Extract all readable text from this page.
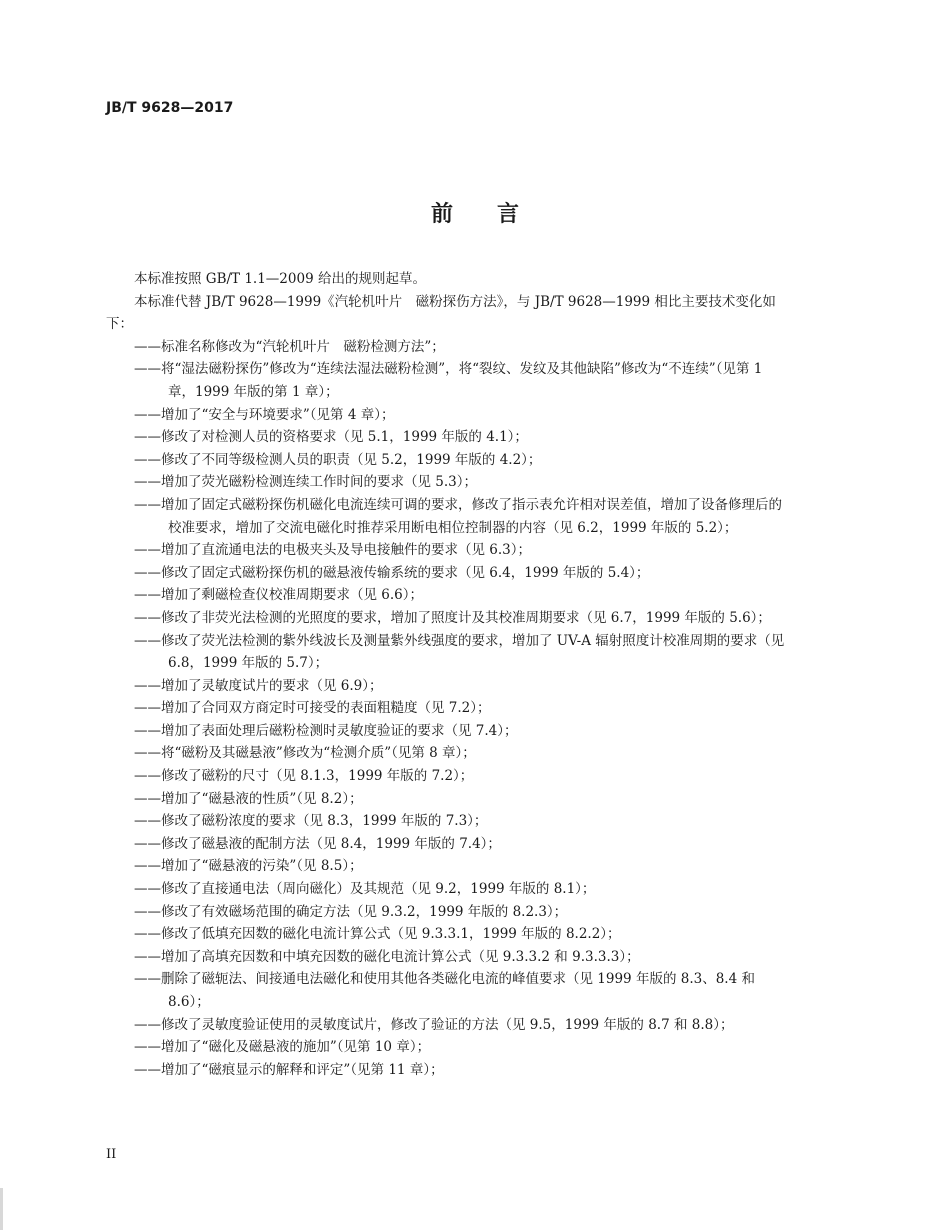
JB/T 9628—2017
前 言

本标准按照 GB/T 1.1—2009 给出的规则起草。

本标准代替 JB/T 9628—1999《汽轮机叶片　磁粉探伤方法》，与 JB/T 9628—1999 相比主要技术变化如下：

——标准名称修改为“汽轮机叶片　磁粉检测方法”；

——将“湿法磁粉探伤”修改为“连续法湿法磁粉检测”，将“裂纹、发纹及其他缺陷”修改为“不连续”（见第 1 章，1999 年版的第 1 章）；

——增加了“安全与环境要求”（见第 4 章）；

——修改了对检测人员的资格要求（见 5.1，1999 年版的 4.1）；

——修改了不同等级检测人员的职责（见 5.2，1999 年版的 4.2）；

——增加了荧光磁粉检测连续工作时间的要求（见 5.3）；

——增加了固定式磁粉探伤机磁化电流连续可调的要求，修改了指示表允许相对误差值，增加了设备修理后的校准要求，增加了交流电磁化时推荐采用断电相位控制器的内容（见 6.2，1999 年版的 5.2）；

——增加了直流通电法的电极夹头及导电接触件的要求（见 6.3）；

——修改了固定式磁粉探伤机的磁悬液传输系统的要求（见 6.4，1999 年版的 5.4）；

——增加了剩磁检查仪校准周期要求（见 6.6）；

——修改了非荧光法检测的光照度的要求，增加了照度计及其校准周期要求（见 6.7，1999 年版的 5.6）；

——修改了荧光法检测的紫外线波长及测量紫外线强度的要求，增加了 UV-A 辐射照度计校准周期的要求（见 6.8，1999 年版的 5.7）；

——增加了灵敏度试片的要求（见 6.9）；

——增加了合同双方商定时可接受的表面粗糙度（见 7.2）；

——增加了表面处理后磁粉检测时灵敏度验证的要求（见 7.4）；

——将“磁粉及其磁悬液”修改为“检测介质”（见第 8 章）；

——修改了磁粉的尺寸（见 8.1.3，1999 年版的 7.2）；

——增加了“磁悬液的性质”（见 8.2）；

——修改了磁粉浓度的要求（见 8.3，1999 年版的 7.3）；

——修改了磁悬液的配制方法（见 8.4，1999 年版的 7.4）；

——增加了“磁悬液的污染”（见 8.5）；

——修改了直接通电法（周向磁化）及其规范（见 9.2，1999 年版的 8.1）；

——修改了有效磁场范围的确定方法（见 9.3.2，1999 年版的 8.2.3）；

——修改了低填充因数的磁化电流计算公式（见 9.3.3.1，1999 年版的 8.2.2）；

——增加了高填充因数和中填充因数的磁化电流计算公式（见 9.3.3.2 和 9.3.3.3）；

——删除了磁轭法、间接通电法磁化和使用其他各类磁化电流的峰值要求（见 1999 年版的 8.3、8.4 和 8.6）；

——修改了灵敏度验证使用的灵敏度试片，修改了验证的方法（见 9.5，1999 年版的 8.7 和 8.8）；

——增加了“磁化及磁悬液的施加”（见第 10 章）；

——增加了“磁痕显示的解释和评定”（见第 11 章）；

II
